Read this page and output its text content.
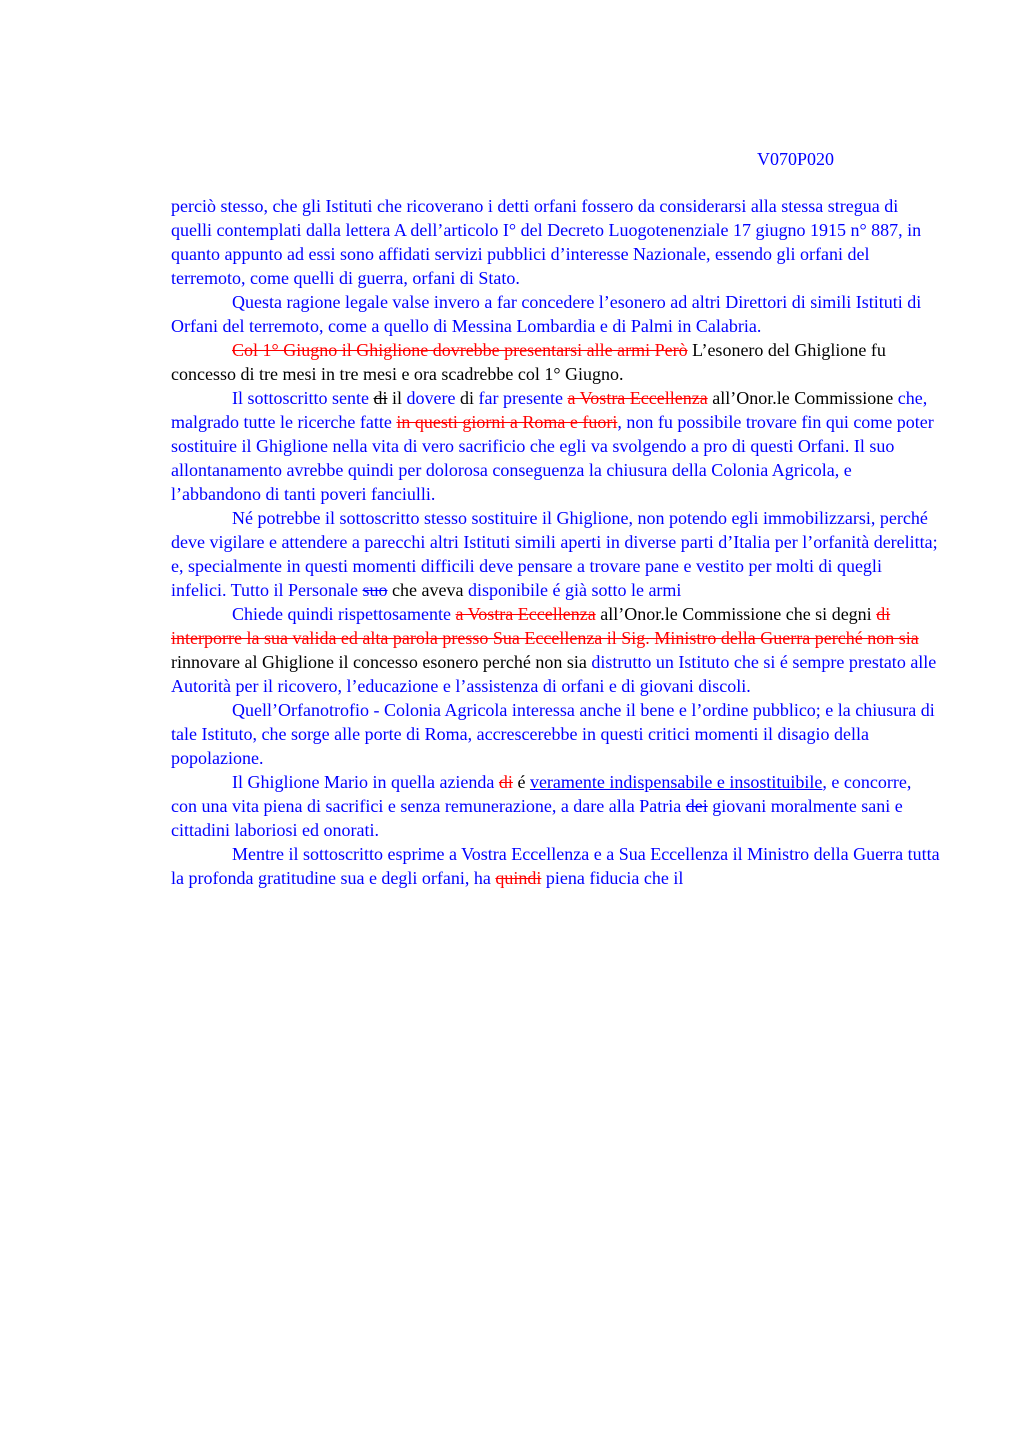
V070P020

perciò stesso, che gli Istituti che ricoverano i detti orfani fossero da considerarsi alla stessa stregua di quelli contemplati dalla lettera A dell’articolo I° del Decreto Luogotenenziale 17 giugno 1915 n° 887, in quanto appunto ad essi sono affidati servizi pubblici d’interesse Nazionale, essendo gli orfani del terremoto, come quelli di guerra, orfani di Stato.

Questa ragione legale valse invero a far concedere l’esonero ad altri Direttori di simili Istituti di Orfani del terremoto, come a quello di Messina Lombardia e di Palmi in Calabria.

Col 1° Giugno il Ghiglione dovrebbe presentarsi alle armi Però L’esonero del Ghiglione fu concesso di tre mesi in tre mesi e ora scadrebbe col 1° Giugno.

Il sottoscritto sente di il dovere di far presente a Vostra Eccellenza all’Onor.le Commissione che, malgrado tutte le ricerche fatte in questi giorni a Roma e fuori, non fu possibile trovare fin qui come poter sostituire il Ghiglione nella vita di vero sacrificio che egli va svolgendo a pro di questi Orfani. Il suo allontanamento avrebbe quindi per dolorosa conseguenza la chiusura della Colonia Agricola, e l’abbandono di tanti poveri fanciulli.

Né potrebbe il sottoscritto stesso sostituire il Ghiglione, non potendo egli immobilizzarsi, perché deve vigilare e attendere a parecchi altri Istituti simili aperti in diverse parti d’Italia per l’orfanità derelitta; e, specialmente in questi momenti difficili deve pensare a trovare pane e vestito per molti di quegli infelici. Tutto il Personale suo che aveva disponibile é già sotto le armi

Chiede quindi rispettosamente a Vostra Eccellenza all’Onor.le Commissione che si degni di interporre la sua valida ed alta parola presso Sua Eccellenza il Sig. Ministro della Guerra perché non sia rinnovare al Ghiglione il concesso esonero perché non sia distrutto un Istituto che si é sempre prestato alle Autorità per il ricovero, l’educazione e l’assistenza di orfani e di giovani discoli.

Quell’Orfanotrofio - Colonia Agricola interessa anche il bene e l’ordine pubblico; e la chiusura di tale Istituto, che sorge alle porte di Roma, accrescerebbe in questi critici momenti il disagio della popolazione.

Il Ghiglione Mario in quella azienda di é veramente indispensabile e insostituibile, e concorre, con una vita piena di sacrifici e senza remunerazione, a dare alla Patria dei giovani moralmente sani e cittadini laboriosi ed onorati.

Mentre il sottoscritto esprime a Vostra Eccellenza e a Sua Eccellenza il Ministro della Guerra tutta la profonda gratitudine sua e degli orfani, ha quindi piena fiducia che il
